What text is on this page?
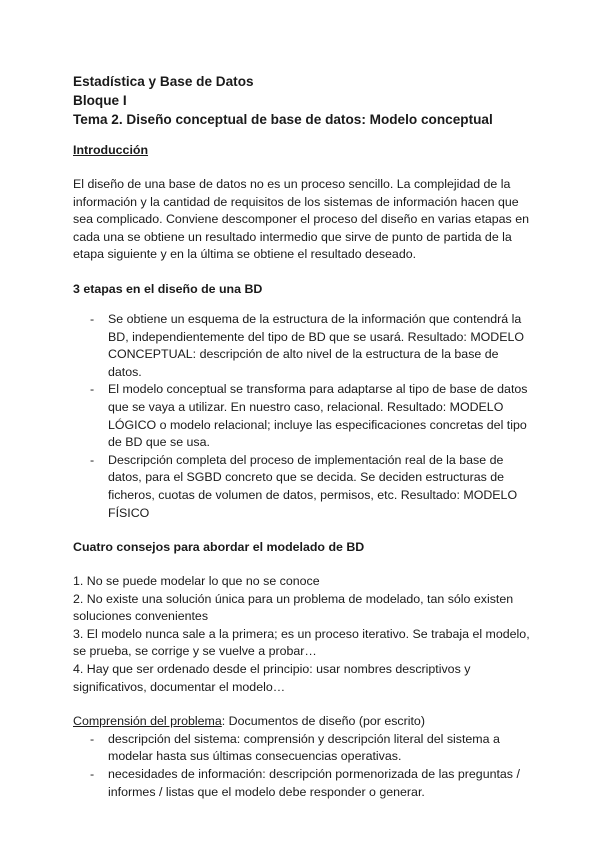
Estadística y Base de Datos

Bloque I

Tema 2. Diseño conceptual de base de datos: Modelo conceptual

Introducción

El diseño de una base de datos no es un proceso sencillo. La complejidad de la información y la cantidad de requisitos de los sistemas de información hacen que sea complicado. Conviene descomponer el proceso del diseño en varias etapas en cada una se obtiene un resultado intermedio que sirve de punto de partida de la etapa siguiente y en la última se obtiene el resultado deseado.

3 etapas en el diseño de una BD

- Se obtiene un esquema de la estructura de la información que contendrá la BD, independientemente del tipo de BD que se usará. Resultado: MODELO CONCEPTUAL: descripción de alto nivel de la estructura de la base de datos.
- El modelo conceptual se transforma para adaptarse al tipo de base de datos que se vaya a utilizar. En nuestro caso, relacional. Resultado: MODELO LÓGICO o modelo relacional; incluye las especificaciones concretas del tipo de BD que se usa.
- Descripción completa del proceso de implementación real de la base de datos, para el SGBD concreto que se decida. Se deciden estructuras de ficheros, cuotas de volumen de datos, permisos, etc. Resultado: MODELO FÍSICO

Cuatro consejos para abordar el modelado de BD

1. No se puede modelar lo que no se conoce

2. No existe una solución única para un problema de modelado, tan sólo existen soluciones convenientes

3. El modelo nunca sale a la primera; es un proceso iterativo. Se trabaja el modelo, se prueba, se corrige y se vuelve a probar…

4. Hay que ser ordenado desde el principio: usar nombres descriptivos y significativos, documentar el modelo…

Comprensión del problema: Documentos de diseño (por escrito)

- descripción del sistema: comprensión y descripción literal del sistema a modelar hasta sus últimas consecuencias operativas.
- necesidades de información: descripción pormenorizada de las preguntas / informes / listas que el modelo debe responder o generar.
